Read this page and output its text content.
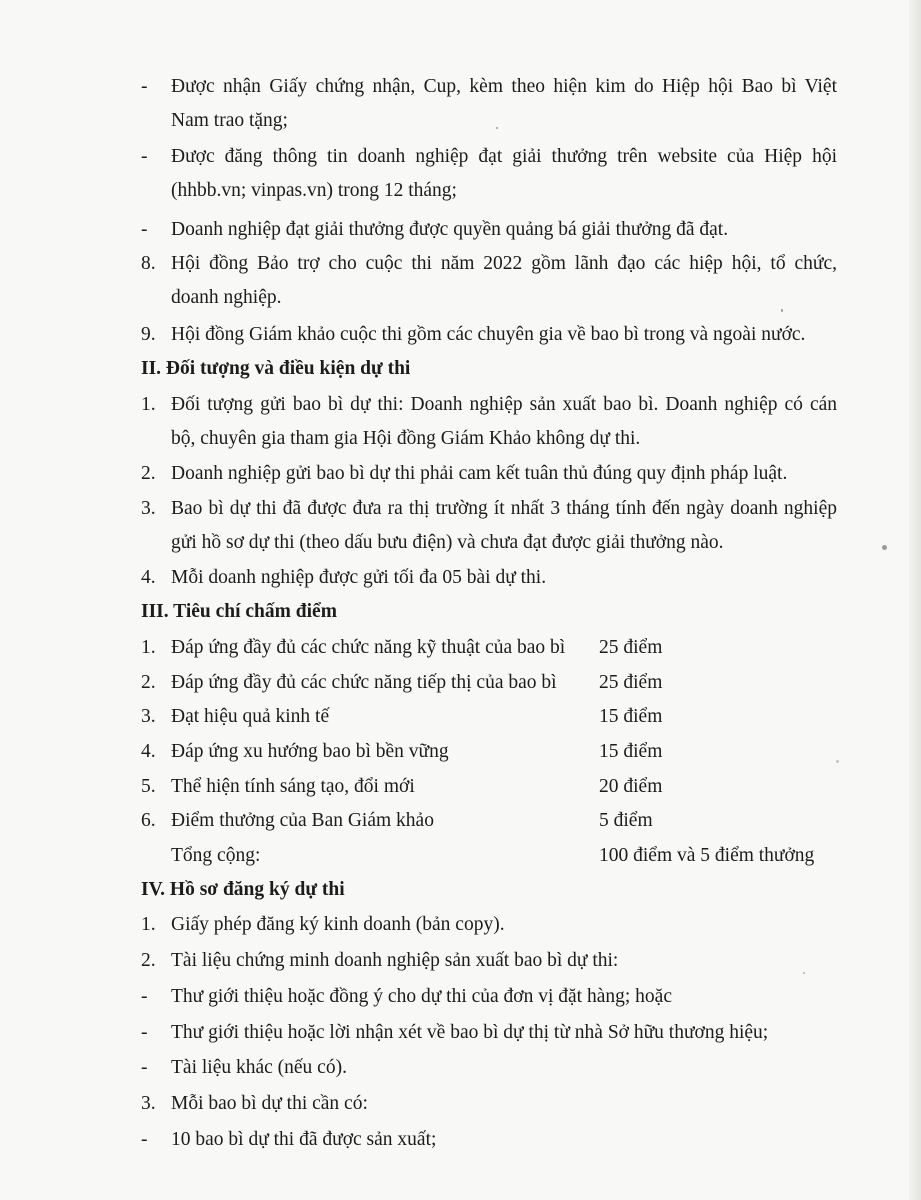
- Được nhận Giấy chứng nhận, Cup, kèm theo hiện kim do Hiệp hội Bao bì Việt
Nam trao tặng;
- Được đăng thông tin doanh nghiệp đạt giải thưởng trên website của Hiệp hội
(hhbb.vn; vinpas.vn) trong 12 tháng;
- Doanh nghiệp đạt giải thưởng được quyền quảng bá giải thưởng đã đạt.
8. Hội đồng Bảo trợ cho cuộc thi năm 2022 gồm lãnh đạo các hiệp hội, tổ chức,
doanh nghiệp.
9. Hội đồng Giám khảo cuộc thi gồm các chuyên gia về bao bì trong và ngoài nước.
II. Đối tượng và điều kiện dự thi
1. Đối tượng gửi bao bì dự thi: Doanh nghiệp sản xuất bao bì. Doanh nghiệp có cán
bộ, chuyên gia tham gia Hội đồng Giám Khảo không dự thi.
2. Doanh nghiệp gửi bao bì dự thi phải cam kết tuân thủ đúng quy định pháp luật.
3. Bao bì dự thi đã được đưa ra thị trường ít nhất 3 tháng tính đến ngày doanh nghiệp
gửi hồ sơ dự thi (theo dấu bưu điện) và chưa đạt được giải thưởng nào.
4. Mỗi doanh nghiệp được gửi tối đa 05 bài dự thi.
III. Tiêu chí chấm điểm
1. Đáp ứng đầy đủ các chức năng kỹ thuật của bao bì 25 điểm
2. Đáp ứng đầy đủ các chức năng tiếp thị của bao bì 25 điểm
3. Đạt hiệu quả kinh tế	15 điểm
4. Đáp ứng xu hướng bao bì bền vững	15 điểm
5. Thể hiện tính sáng tạo, đổi mới	20 điểm
6. Điểm thưởng của Ban Giám khảo	5 điểm
Tổng cộng:	100 điểm và 5 điểm thưởng
IV. Hồ sơ đăng ký dự thi
1. Giấy phép đăng ký kinh doanh (bản copy).
2. Tài liệu chứng minh doanh nghiệp sản xuất bao bì dự thi:
- Thư giới thiệu hoặc đồng ý cho dự thi của đơn vị đặt hàng; hoặc
- Thư giới thiệu hoặc lời nhận xét về bao bì dự thị từ nhà Sở hữu thương hiệu;
- Tài liệu khác (nếu có).
3. Mỗi bao bì dự thi cần có:
- 10 bao bì dự thi đã được sản xuất;
